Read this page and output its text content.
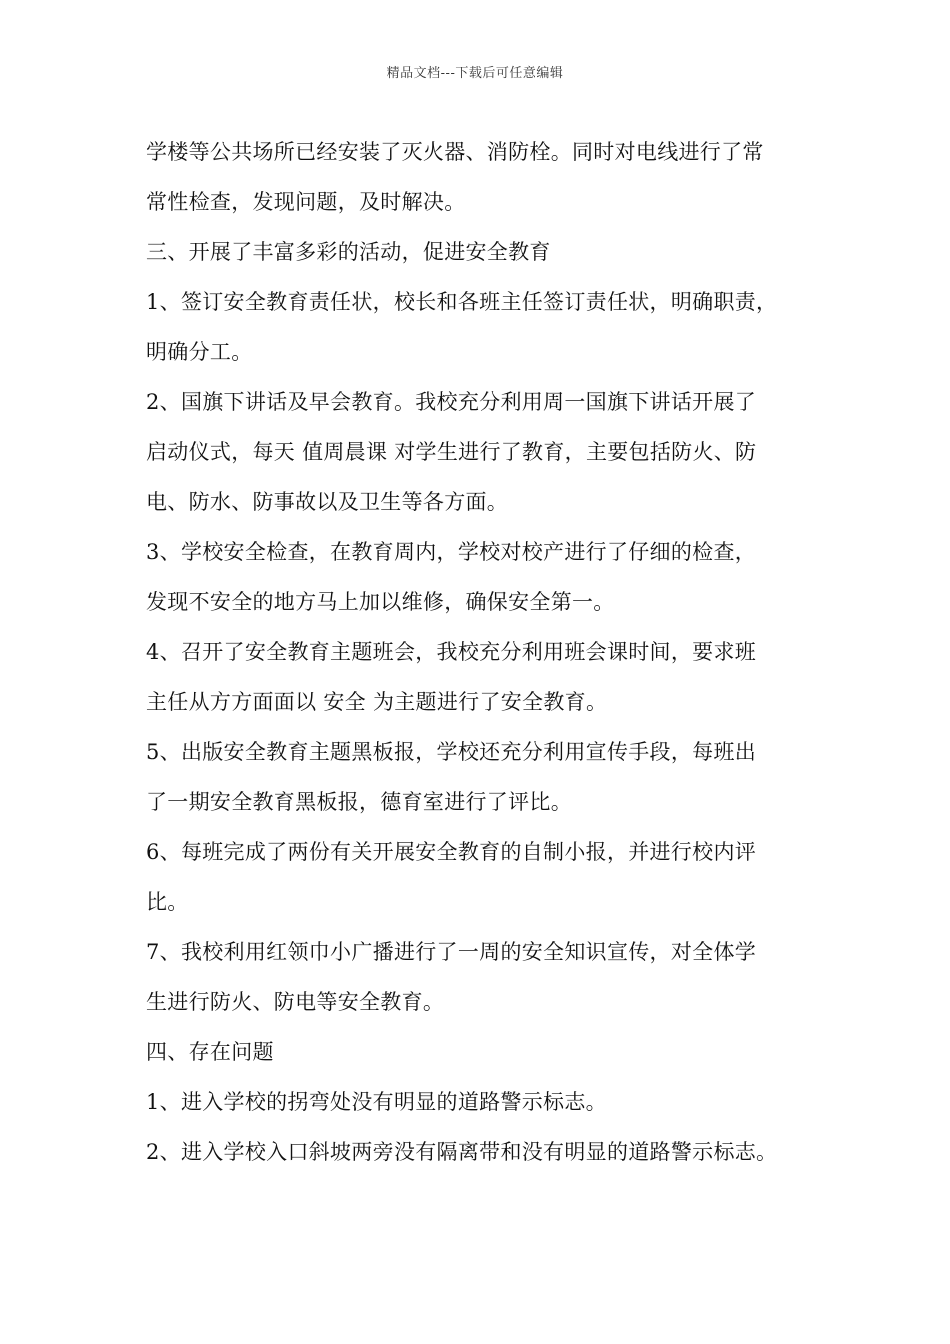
精品文档---下载后可任意编辑
学楼等公共场所已经安装了灭火器、消防栓。同时对电线进行了常
常性检查，发现问题，及时解决。
三、开展了丰富多彩的活动，促进安全教育
1、签订安全教育责任状，校长和各班主任签订责任状，明确职责，
明确分工。
2、国旗下讲话及早会教育。我校充分利用周一国旗下讲话开展了
启动仪式，每天 值周晨课 对学生进行了教育，主要包括防火、防
电、防水、防事故以及卫生等各方面。
3、学校安全检查，在教育周内，学校对校产进行了仔细的检查，
发现不安全的地方马上加以维修，确保安全第一。
4、召开了安全教育主题班会，我校充分利用班会课时间，要求班
主任从方方面面以 安全 为主题进行了安全教育。
5、出版安全教育主题黑板报，学校还充分利用宣传手段，每班出
了一期安全教育黑板报，德育室进行了评比。
6、每班完成了两份有关开展安全教育的自制小报，并进行校内评
比。
7、我校利用红领巾小广播进行了一周的安全知识宣传，对全体学
生进行防火、防电等安全教育。
四、存在问题
1、进入学校的拐弯处没有明显的道路警示标志。
2、进入学校入口斜坡两旁没有隔离带和没有明显的道路警示标志。
